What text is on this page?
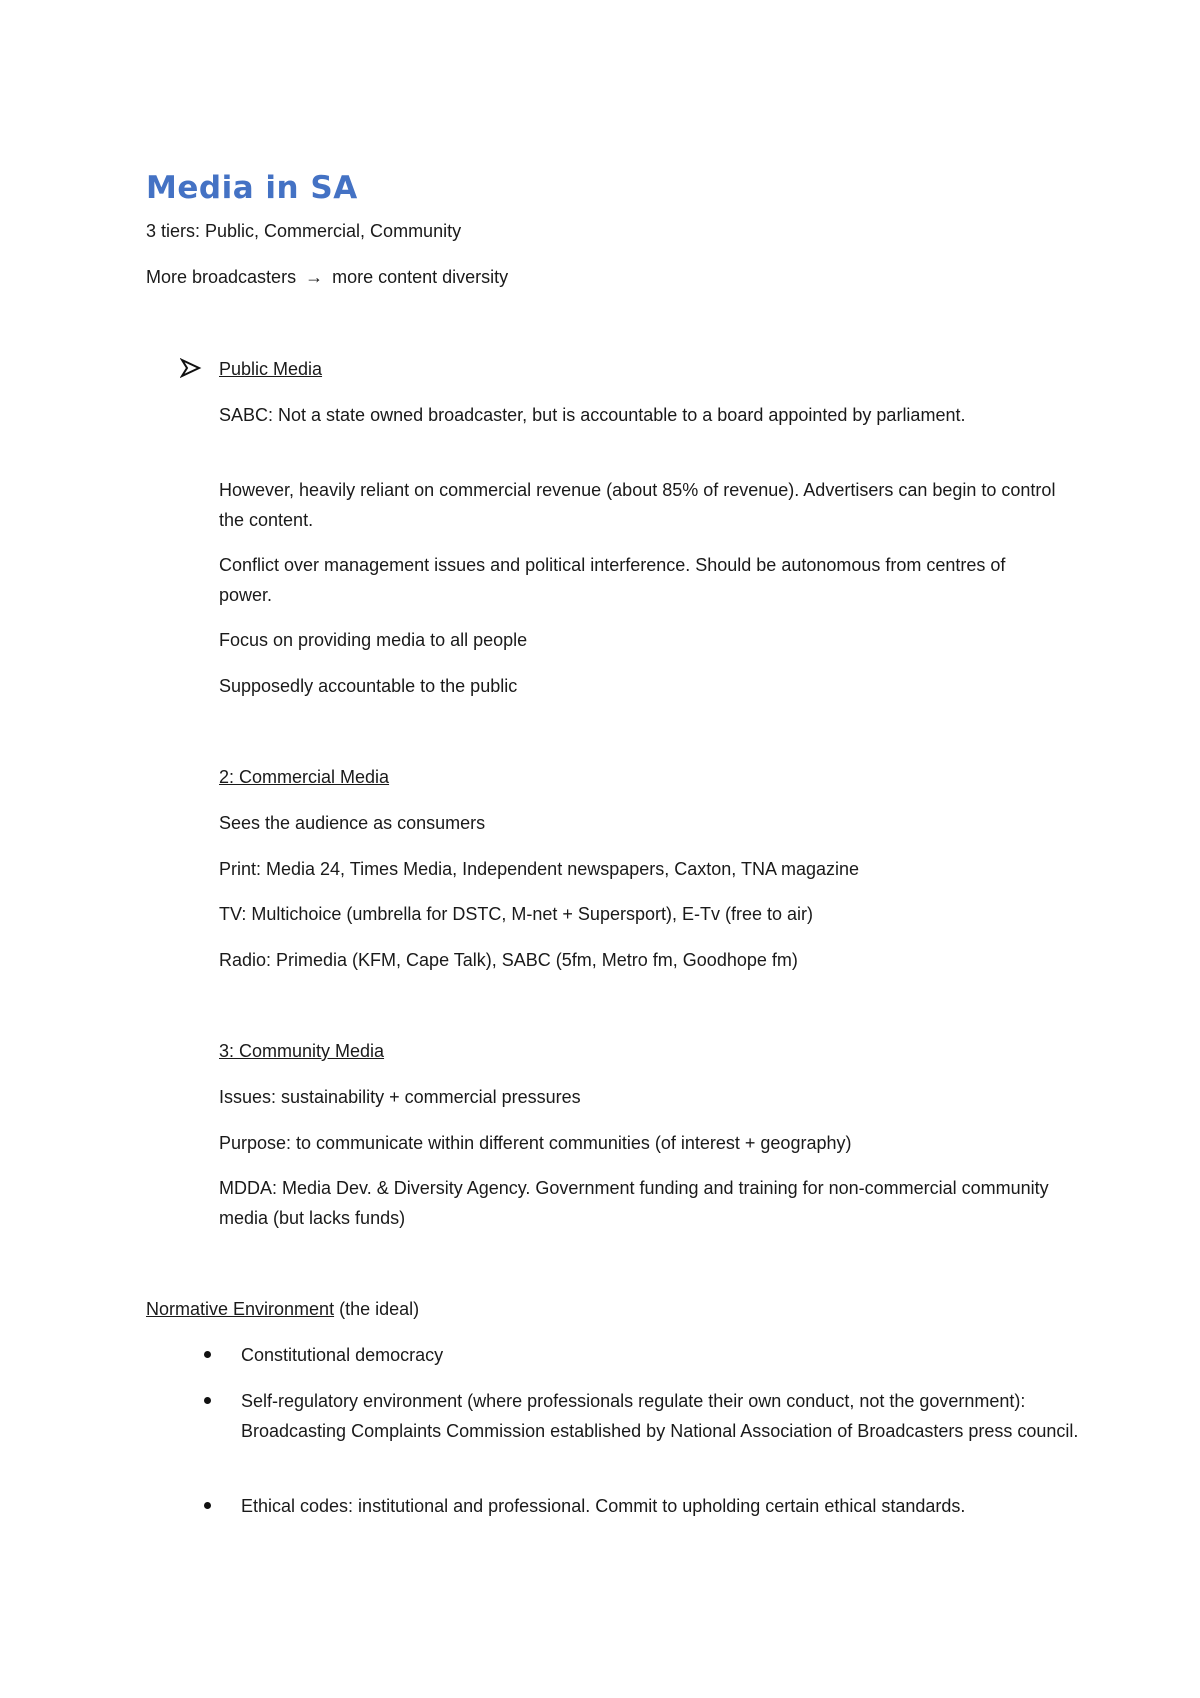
Media in SA

3 tiers: Public, Commercial, Community

More broadcasters → more content diversity

Public Media

SABC: Not a state owned broadcaster, but is accountable to a board appointed by parliament.

However, heavily reliant on commercial revenue (about 85% of revenue). Advertisers can begin to control the content.

Conflict over management issues and political interference. Should be autonomous from centres of power.

Focus on providing media to all people

Supposedly accountable to the public

2: Commercial Media

Sees the audience as consumers

Print: Media 24, Times Media, Independent newspapers, Caxton, TNA magazine

TV: Multichoice (umbrella for DSTC, M-net + Supersport), E-Tv (free to air)

Radio: Primedia (KFM, Cape Talk), SABC (5fm, Metro fm, Goodhope fm)

3: Community Media

Issues: sustainability + commercial pressures

Purpose: to communicate within different communities (of interest + geography)

MDDA: Media Dev. & Diversity Agency. Government funding and training for non-commercial community media (but lacks funds)

Normative Environment (the ideal)

Constitutional democracy

Self-regulatory environment (where professionals regulate their own conduct, not the government): Broadcasting Complaints Commission established by National Association of Broadcasters press council.

Ethical codes: institutional and professional. Commit to upholding certain ethical standards.
